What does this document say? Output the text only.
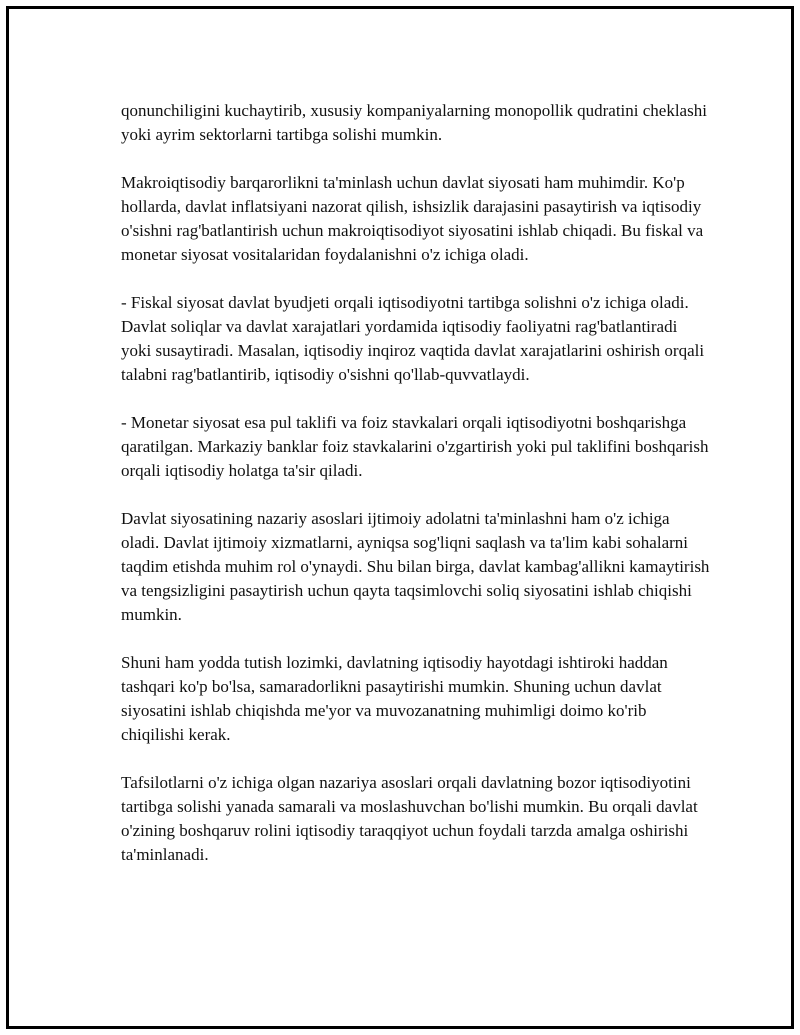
qonunchiligini kuchaytirib, xususiy kompaniyalarning monopollik qudratini cheklashi yoki ayrim sektorlarni tartibga solishi mumkin.

Makroiqtisodiy barqarorlikni ta'minlash uchun davlat siyosati ham muhimdir. Ko'p hollarda, davlat inflatsiyani nazorat qilish, ishsizlik darajasini pasaytirish va iqtisodiy o'sishni rag'batlantirish uchun makroiqtisodiyot siyosatini ishlab chiqadi. Bu fiskal va monetar siyosat vositalaridan foydalanishni o'z ichiga oladi.

- Fiskal siyosat davlat byudjeti orqali iqtisodiyotni tartibga solishni o'z ichiga oladi. Davlat soliqlar va davlat xarajatlari yordamida iqtisodiy faoliyatni rag'batlantiradi yoki susaytiradi. Masalan, iqtisodiy inqiroz vaqtida davlat xarajatlarini oshirish orqali talabni rag'batlantirib, iqtisodiy o'sishni qo'llab-quvvatlaydi.

- Monetar siyosat esa pul taklifi va foiz stavkalari orqali iqtisodiyotni boshqarishga qaratilgan. Markaziy banklar foiz stavkalarini o'zgartirish yoki pul taklifini boshqarish orqali iqtisodiy holatga ta'sir qiladi.

Davlat siyosatining nazariy asoslari ijtimoiy adolatni ta'minlashni ham o'z ichiga oladi. Davlat ijtimoiy xizmatlarni, ayniqsa sog'liqni saqlash va ta'lim kabi sohalarni taqdim etishda muhim rol o'ynaydi. Shu bilan birga, davlat kambag'allikni kamaytirish va tengsizligini pasaytirish uchun qayta taqsimlovchi soliq siyosatini ishlab chiqishi mumkin.

Shuni ham yodda tutish lozimki, davlatning iqtisodiy hayotdagi ishtiroki haddan tashqari ko'p bo'lsa, samaradorlikni pasaytirishi mumkin. Shuning uchun davlat siyosatini ishlab chiqishda me'yor va muvozanatning muhimligi doimo ko'rib chiqilishi kerak.

Tafsilotlarni o'z ichiga olgan nazariya asoslari orqali davlatning bozor iqtisodiyotini tartibga solishi yanada samarali va moslashuvchan bo'lishi mumkin. Bu orqali davlat o'zining boshqaruv rolini iqtisodiy taraqqiyot uchun foydali tarzda amalga oshirishi ta'minlanadi.
